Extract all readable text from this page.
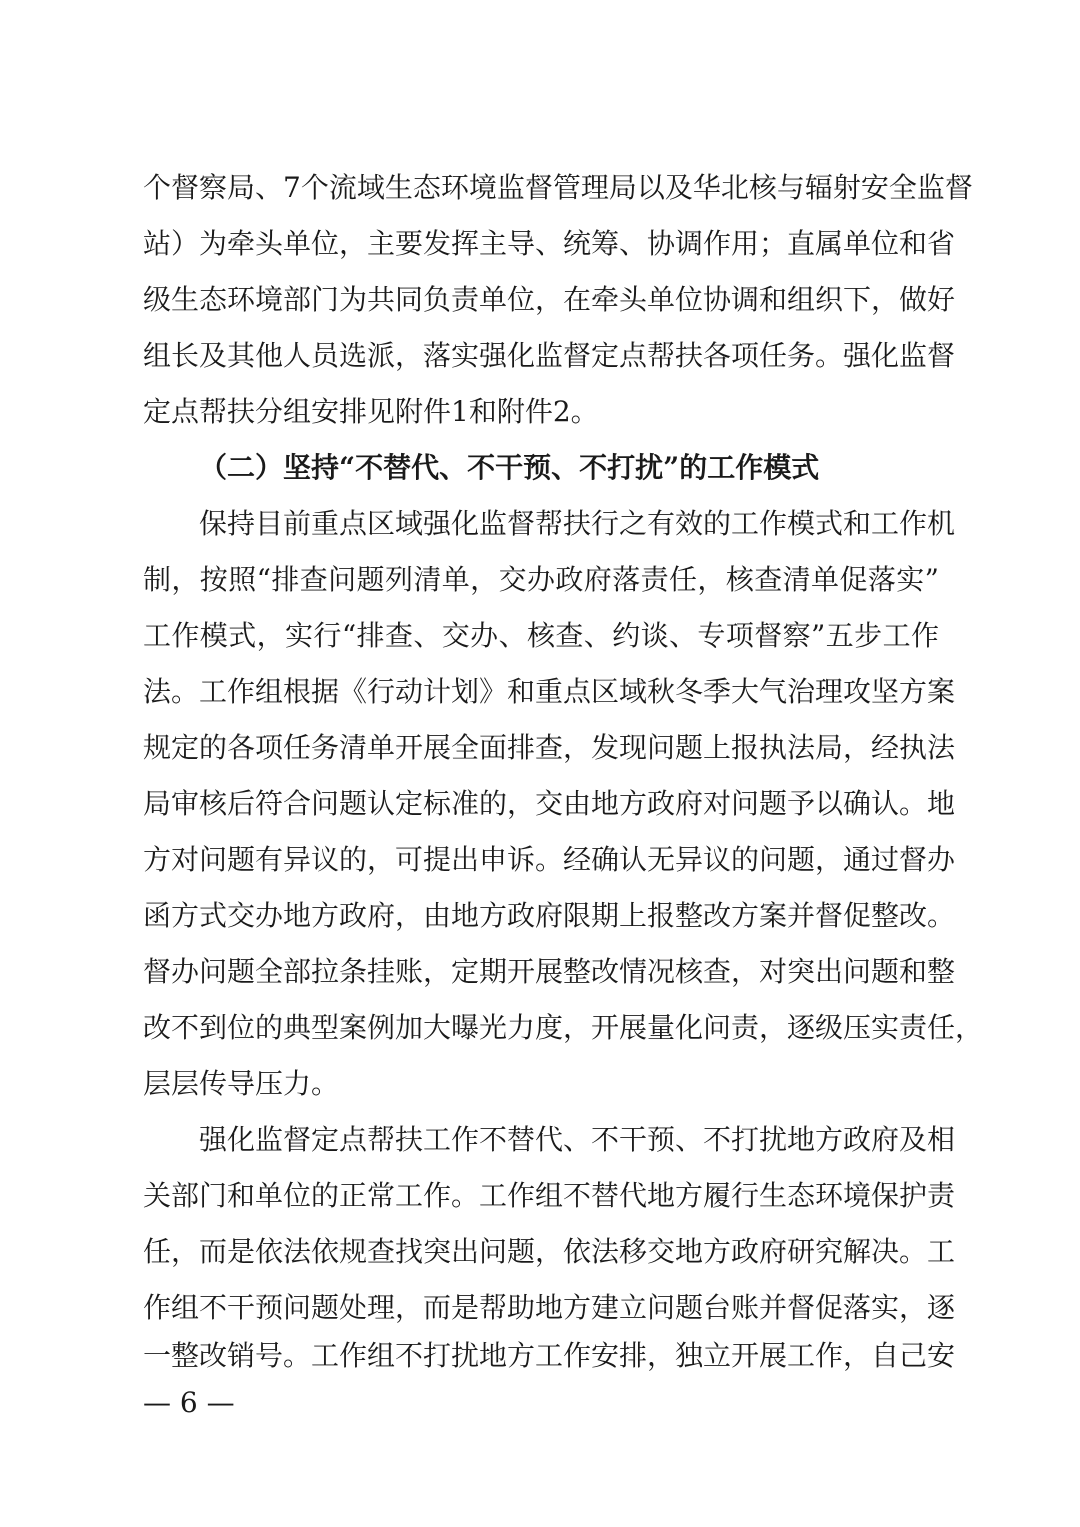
个督察局、7个流域生态环境监督管理局以及华北核与辐射安全监督
站）为牵头单位，主要发挥主导、统筹、协调作用；直属单位和省
级生态环境部门为共同负责单位，在牵头单位协调和组织下，做好
组长及其他人员选派，落实强化监督定点帮扶各项任务。强化监督
定点帮扶分组安排见附件1和附件2。
（二）坚持“不替代、不干预、不打扰”的工作模式
保持目前重点区域强化监督帮扶行之有效的工作模式和工作机
制，按照“排查问题列清单，交办政府落责任，核查清单促落实”
工作模式，实行“排查、交办、核查、约谈、专项督察”五步工作
法。工作组根据《行动计划》和重点区域秋冬季大气治理攻坚方案
规定的各项任务清单开展全面排查，发现问题上报执法局，经执法
局审核后符合问题认定标准的，交由地方政府对问题予以确认。地
方对问题有异议的，可提出申诉。经确认无异议的问题，通过督办
函方式交办地方政府，由地方政府限期上报整改方案并督促整改。
督办问题全部拉条挂账，定期开展整改情况核查，对突出问题和整
改不到位的典型案例加大曝光力度，开展量化问责，逐级压实责任，
层层传导压力。
强化监督定点帮扶工作不替代、不干预、不打扰地方政府及相
关部门和单位的正常工作。工作组不替代地方履行生态环境保护责
任，而是依法依规查找突出问题，依法移交地方政府研究解决。工
作组不干预问题处理，而是帮助地方建立问题台账并督促落实，逐
一整改销号。工作组不打扰地方工作安排，独立开展工作，自己安
— 6 —
